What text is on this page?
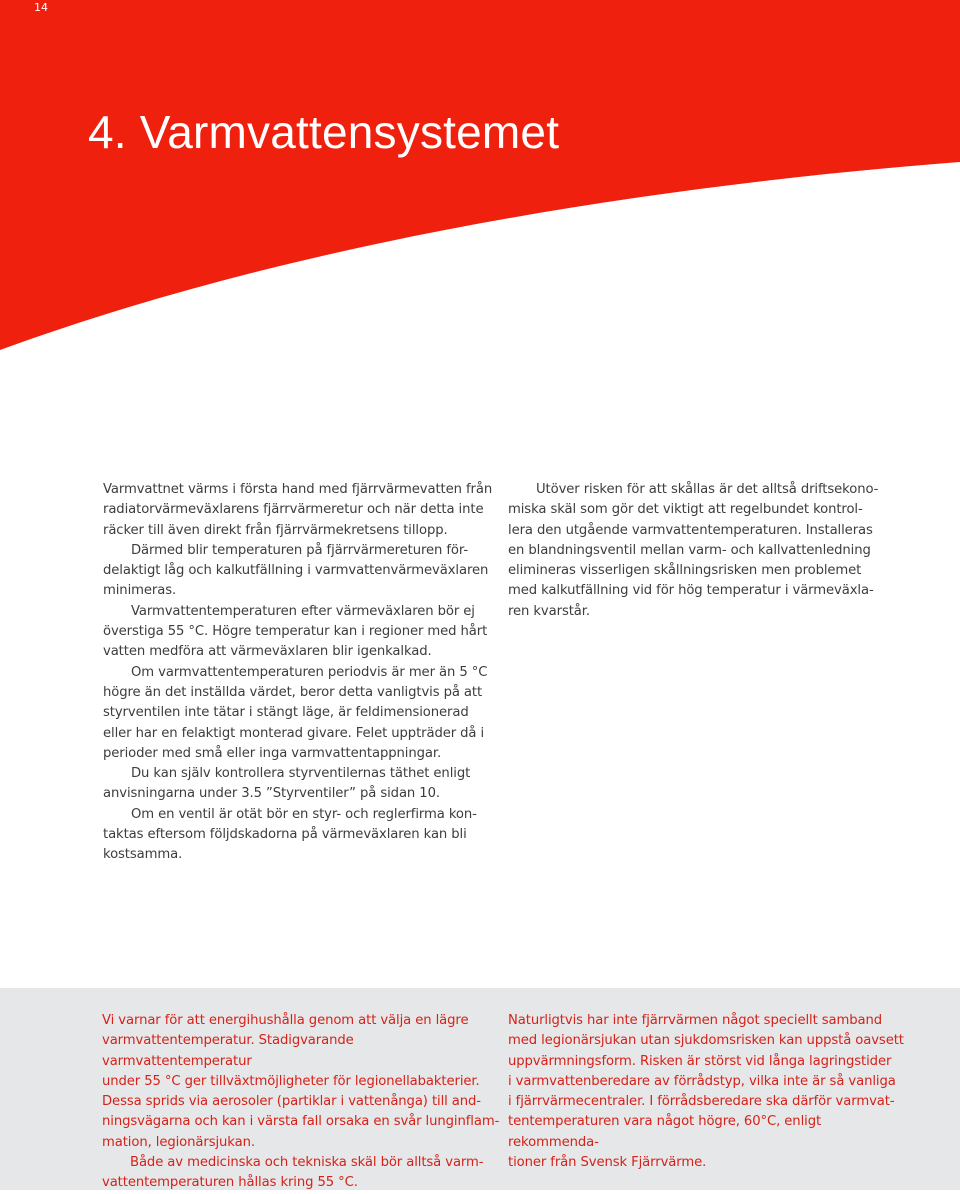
14

4. Varmvattensystemet

Varmvattnet värms i första hand med fjärrvärmevatten från
radiatorvärmeväxlarens fjärrvärmeretur och när detta inte
räcker till även direkt från fjärrvärmekretsens tillopp.

Därmed blir temperaturen på fjärrvärmereturen för-
delaktigt låg och kalkutfällning i varmvattenvärmeväxlaren
minimeras.

Varmvattentemperaturen efter värmeväxlaren bör ej
överstiga 55 °C. Högre temperatur kan i regioner med hårt
vatten medföra att värmeväxlaren blir igenkalkad.

Om varmvattentemperaturen periodvis är mer än 5 °C
högre än det inställda värdet, beror detta vanligtvis på att
styrventilen inte tätar i stängt läge, är feldimensionerad
eller har en felaktigt monterad givare. Felet uppträder då i
perioder med små eller inga varmvattentappningar.

Du kan själv kontrollera styrventilernas täthet enligt
anvisningarna under 3.5 ”Styrventiler” på sidan 10.

Om en ventil är otät bör en styr- och reglerfirma kon-
taktas eftersom följdskadorna på värmeväxlaren kan bli
kostsamma.

Utöver risken för att skållas är det alltså driftsekono-
miska skäl som gör det viktigt att regelbundet kontrol-
lera den utgående varmvattentemperaturen. Installeras
en blandningsventil mellan varm- och kallvattenledning
elimineras visserligen skållningsrisken men problemet
med kalkutfällning vid för hög temperatur i värmeväxla-
ren kvarstår.

Vi varnar för att energihushålla genom att välja en lägre
varmvattentemperatur. Stadigvarande varmvattentemperatur
under 55 °C ger tillväxtmöjligheter för legionellabakterier.
Dessa sprids via aerosoler (partiklar i vattenånga) till and-
ningsvägarna och kan i värsta fall orsaka en svår lunginflam-
mation, legionärsjukan.

Både av medicinska och tekniska skäl bör alltså varm-
vattentemperaturen hållas kring 55 °C.

Naturligtvis har inte fjärrvärmen något speciellt samband
med legionärsjukan utan sjukdomsrisken kan uppstå oavsett
uppvärmningsform. Risken är störst vid långa lagringstider
i varmvattenberedare av förrådstyp, vilka inte är så vanliga
i fjärrvärmecentraler. I förrådsberedare ska därför varmvat-
tentemperaturen vara något högre, 60°C, enligt rekommenda-
tioner från Svensk Fjärrvärme.
